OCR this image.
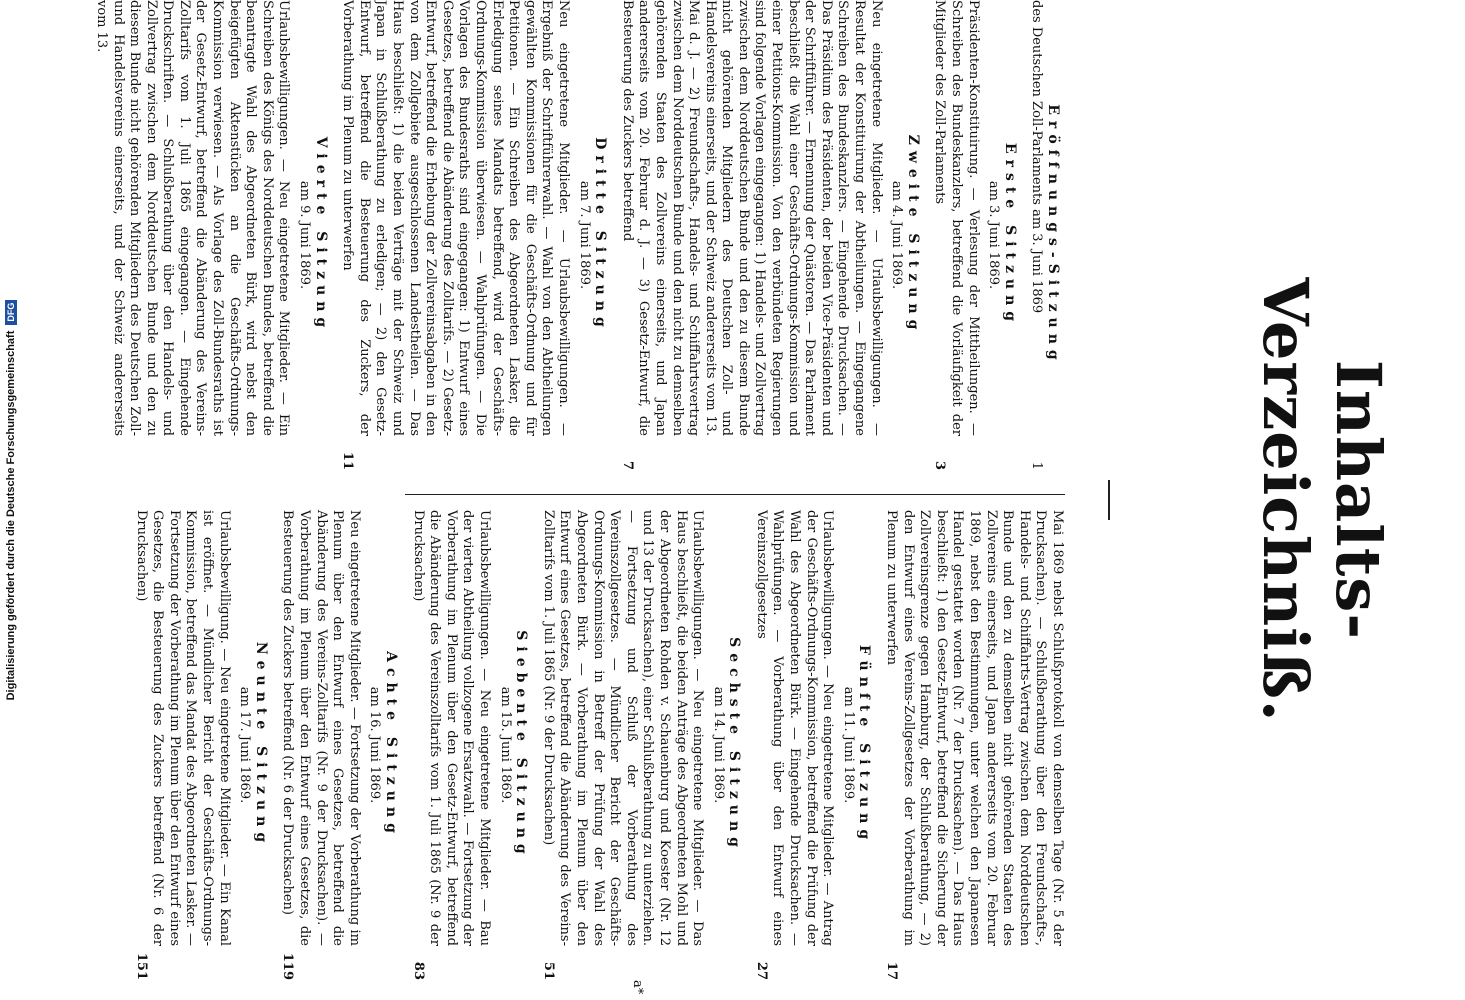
Digitalisierung gefördert durch die Deutsche Forschungsgemeinschaft
DFG
Inhalts-Verzeichniß.
Eröffnungs-Sitzung
des Deutschen Zoll-Parlaments am 3. Juni 1869
1
Erste Sitzung
am 3. Juni 1869.
Präsidenten-Konstituirung. — Verlesung der Mittheilungen. — Schreiben des Bundeskanzlers, betreffend die Vorläufigkeit der Mitglieder des Zoll-Parlaments
3
Zweite Sitzung
am 4. Juni 1869.
Neu eingetretene Mitglieder. — Urlaubsbewilligungen. — Resultat der Konstituirung der Abtheilungen. — Eingegangene Schreiben des Bundeskanzlers. — Eingehende Drucksachen. — Das Präsidium des Präsidenten, der beiden Vice-Präsidenten und der Schriftführer. — Ernennung der Quästoren. — Das Parlament beschließt die Wahl einer Geschäfts-Ordnungs-Kommission und einer Petitions-Kommission. Von den verbündeten Regierungen sind folgende Vorlagen eingegangen: 1) Handels- und Zollvertrag zwischen dem Norddeutschen Bunde und den zu diesem Bunde nicht gehörenden Mitgliedern des Deutschen Zoll- und Handelsvereins einerseits, und der Schweiz andererseits vom 13. Mai d. J. — 2) Freundschafts-, Handels- und Schiffahrtsvertrag zwischen dem Norddeutschen Bunde und den nicht zu demselben gehörenden Staaten des Zollvereins einerseits, und Japan andererseits vom 20. Februar d. J. — 3) Gesetz-Entwurf, die Besteuerung des Zuckers betreffend
7
Dritte Sitzung
am 7. Juni 1869.
Neu eingetretene Mitglieder. — Urlaubsbewilligungen. — Ergebniß der Schriftführerwahl. — Wahl von den Abtheilungen gewählten Kommissionen für die Geschäfts-Ordnung und für Petitionen. — Ein Schreiben des Abgeordneten Lasker, die Erledigung seines Mandats betreffend, wird der Geschäfts-Ordnungs-Kommission überwiesen. — Wahlprüfungen. — Die Vorlagen des Bundesraths sind eingegangen: 1) Entwurf eines Gesetzes, betreffend die Abänderung des Zolltarifs. — 2) Gesetz-Entwurf, betreffend die Erhebung der Zollvereinsabgaben in den von dem Zollgebiete ausgeschlossenen Landestheilen. — Das Haus beschließt: 1) die beiden Verträge mit der Schweiz und Japan in Schlußberathung zu erledigen; — 2) den Gesetz-Entwurf, betreffend die Besteuerung des Zuckers, der Vorberathung im Plenum zu unterwerfen
11
Vierte Sitzung
am 9. Juni 1869.
Urlaubsbewilligungen. — Neu eingetretene Mitglieder. — Ein Schreiben des Königs des Norddeutschen Bundes, betreffend die beantragte Wahl des Abgeordneten Bürk, wird nebst den beigefügten Aktenstücken an die Geschäfts-Ordnungs-Kommission verwiesen. — Als Vorlage des Zoll-Bundesraths ist der Gesetz-Entwurf, betreffend die Abänderung des Vereins-Zolltarifs vom 1. Juli 1865 eingegangen. — Eingehende Druckschriften. — Schlußberathung über den Handels- und Zollvertrag zwischen dem Norddeutschen Bunde und den zu diesem Bunde nicht gehörenden Mitgliedern des Deutschen Zoll- und Handelsvereins einerseits, und der Schweiz andererseits vom 13.
Mai 1869 nebst Schlußprotokoll von demselben Tage (Nr. 5 der Drucksachen). — Schlußberathung über den Freundschafts-, Handels- und Schiffahrts-Vertrag zwischen dem Norddeutschen Bunde und den zu demselben nicht gehörenden Staaten des Zollvereins einerseits, und Japan andererseits vom 20. Februar 1869, nebst den Bestimmungen, unter welchen den Japanesen Handel gestattet worden (Nr. 7 der Drucksachen). — Das Haus beschließt: 1) den Gesetz-Entwurf, betreffend die Sicherung der Zollvereinsgrenze gegen Hamburg, der Schlußberathung, — 2) den Entwurf eines Vereins-Zollgesetzes der Vorberathung im Plenum zu unterwerfen
17
Fünfte Sitzung
am 11. Juni 1869.
Urlaubsbewilligungen. — Neu eingetretene Mitglieder. — Antrag der Geschäfts-Ordnungs-Kommission, betreffend die Prüfung der Wahl des Abgeordneten Bürk. — Eingehende Drucksachen. — Wahlprüfungen. — Vorberathung über den Entwurf eines Vereinszollgesetzes
27
Sechste Sitzung
am 14. Juni 1869.
Urlaubsbewilligungen. — Neu eingetretene Mitglieder. — Das Haus beschließt, die beiden Anträge des Abgeordneten Mohl und der Abgeordneten Rohden v. Schauenburg und Koester (Nr. 12 und 13 der Drucksachen), einer Schlußberathung zu unterziehen. — Fortsetzung und Schluß der Vorberathung des Vereinszollgesetzes. — Mündlicher Bericht der Geschäfts-Ordnungs-Kommission in Betreff der Prüfung der Wahl des Abgeordneten Bürk. — Vorberathung im Plenum über den Entwurf eines Gesetzes, betreffend die Abänderung des Vereins-Zolltarifs vom 1. Juli 1865 (Nr. 9 der Drucksachen)
51
Siebente Sitzung
am 15. Juni 1869.
Urlaubsbewilligungen. — Neu eingetretene Mitglieder. — Bau der vierten Abtheilung vollzogene Ersatzwahl. — Fortsetzung der Vorberathung im Plenum über den Gesetz-Entwurf, betreffend die Abänderung des Vereinszolltarifs vom 1. Juli 1865 (Nr. 9 der Drucksachen)
83
Achte Sitzung
am 16. Juni 1869.
Neu eingetretene Mitglieder. — Fortsetzung der Vorberathung im Plenum über den Entwurf eines Gesetzes, betreffend die Abänderung des Vereins-Zolltarifs (Nr. 9 der Drucksachen). — Vorberathung im Plenum über den Entwurf eines Gesetzes, die Besteuerung des Zuckers betreffend (Nr. 6 der Drucksachen)
119
Neunte Sitzung
am 17. Juni 1869.
Urlaubsbewilligung. — Neu eingetretene Mitglieder. — Ein Kanal ist eröffnet. — Mündlicher Bericht der Geschäfts-Ordnungs-Kommission, betreffend das Mandat des Abgeordneten Lasker. — Fortsetzung der Vorberathung im Plenum über den Entwurf eines Gesetzes, die Besteuerung des Zuckers betreffend (Nr. 6 der Drucksachen)
151
a*
